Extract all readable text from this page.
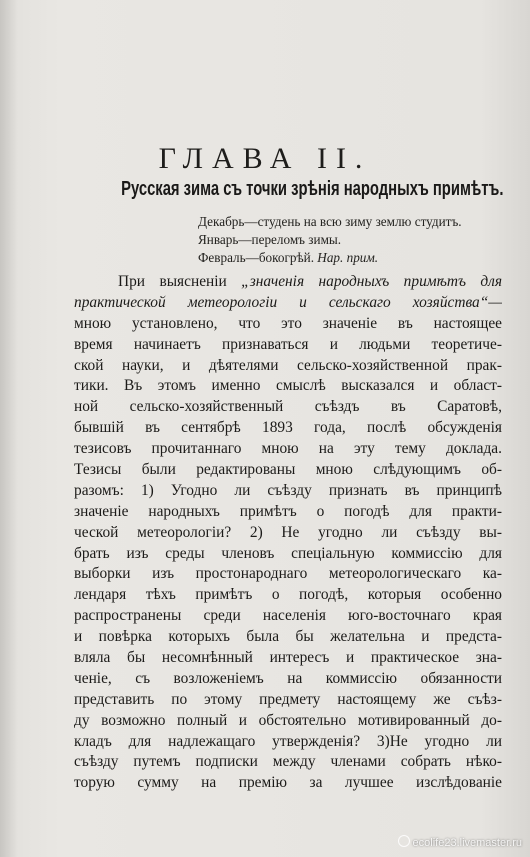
ГЛАВА II.
Русская зима съ точки зрѣнія народныхъ примѣтъ.
Декабрь—студень на всю зиму землю студитъ.
Январь—переломъ зимы.
Февраль—бокогрѣй. Нар. прим.
При выясненіи „значенія народныхъ примѣтъ для
практической метеорологіи и сельскаго хозяйства“—
мною установлено, что это значеніе въ настоящее
время начинаетъ признаваться и людьми теоретиче-
ской науки, и дѣятелями сельско-хозяйственной прак-
тики. Въ этомъ именно смыслѣ высказался и област-
ной сельско-хозяйственный съѣздъ въ Саратовѣ,
бывшій въ сентябрѣ 1893 года, послѣ обсужденія
тезисовъ прочитаннаго мною на эту тему доклада.
Тезисы были редактированы мною слѣдующимъ об-
разомъ: 1) Угодно ли съѣзду признать въ принципѣ
значеніе народныхъ примѣтъ о погодѣ для практи-
ческой метеорологіи? 2) Не угодно ли съѣзду вы-
брать изъ среды членовъ спеціальную коммиссію для
выборки изъ простонароднаго метеорологическаго ка-
лендаря тѣхъ примѣтъ о погодѣ, которыя особенно
распространены среди населенія юго-восточнаго края
и повѣрка которыхъ была бы желательна и предста-
вляла бы несомнѣнный интересъ и практическое зна-
ченіе, съ возложеніемъ на коммиссію обязанности
представить по этому предмету настоящему же съѣз-
ду возможно полный и обстоятельно мотивированный до-
кладъ для надлежащаго утвержденія? 3)Не угодно ли
съѣзду путемъ подписки между членами собрать нѣко-
торую сумму на премію за лучшее изслѣдованіе
ecolife23.livemaster.ru
